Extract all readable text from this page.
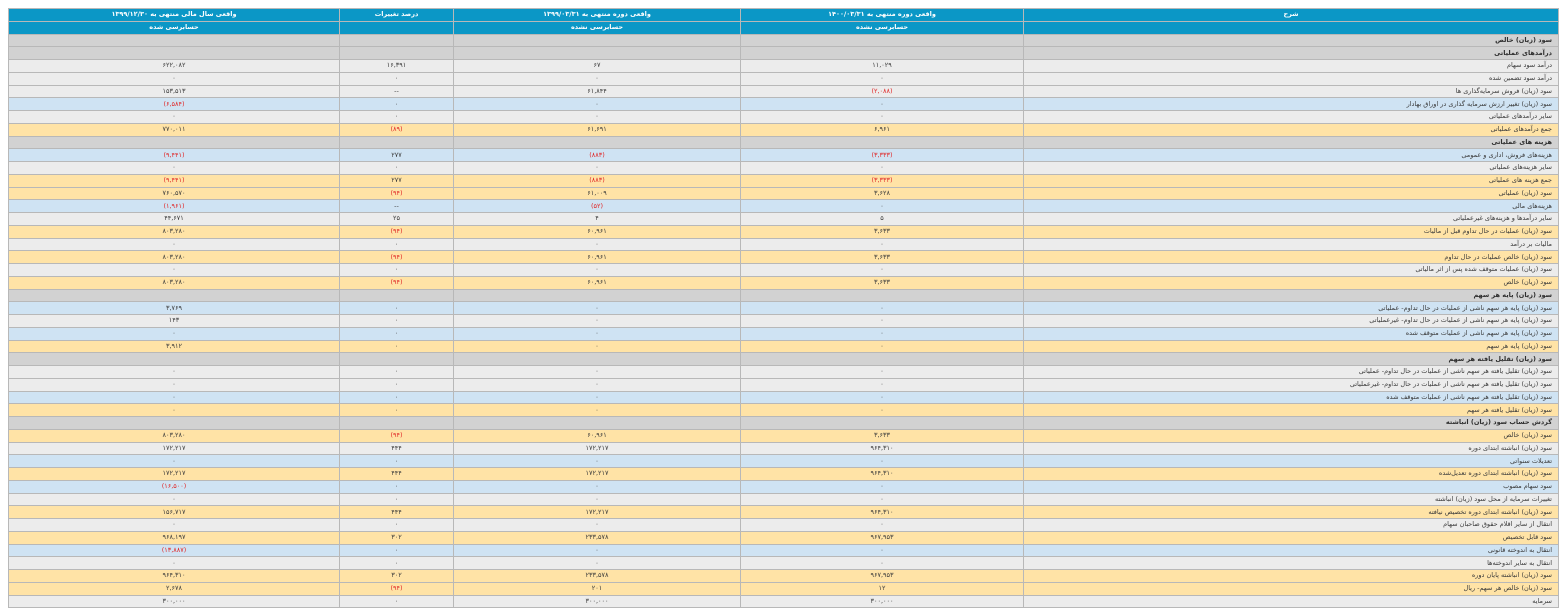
واقعی سال مالی منتهی به ۱۳۹۹/۱۲/۳۰	درصد تغییرات	واقعی دوره منتهی به ۱۳۹۹/۰۳/۳۱	واقعی دوره منتهی به ۱۴۰۰/۰۳/۳۱	شرح
حسابرسی شده		حسابرسی نشده	حسابرسی نشده	
				سود (زیان) خالص
				درآمدهای عملیاتی
۶۲۲,۰۸۲	۱۶,۳۹۱	۶۷	۱۱,۰۲۹	درآمد سود سهام
۰	۰	۰	۰	درآمد سود تضمین شده
۱۵۳,۵۱۳	--	۶۱,۸۴۴	(۲,۰۸۸)	سود (زیان) فروش سرمایه‌گذاری ها
(۶,۵۸۴)	۰	۰	۰	سود (زیان) تغییر ارزش سرمایه گذاری در اوراق بهادار
۰	۰	۰	۰	سایر درآمدهای عملیاتی
۷۷۰,۰۱۱	(۸۹)	۶۱,۶۹۱	۶,۹۶۱	جمع درآمدهای عملیاتی
				هزینه های عملیاتی
(۹,۴۴۱)	۲۷۷	(۸۸۳)	(۳,۳۳۳)	هزینه‌های فروش، اداری و عمومی
۰	۰	۰	۰	سایر هزینه‌های عملیاتی
(۹,۴۴۱)	۲۷۷	(۸۸۳)	(۳,۳۳۳)	جمع هزینه های عملیاتی
۷۶۰,۵۷۰	(۹۴)	۶۱,۰۰۹	۳,۶۲۸	سود (زیان) عملیاتی
(۱,۹۶۱)	--	(۵۲)	۰	هزینه‌های مالی
۴۴,۶۷۱	۲۵	۴	۵	سایر درآمدها و هزینه‌های غیرعملیاتی
۸۰۳,۲۸۰	(۹۴)	۶۰,۹۶۱	۳,۶۳۳	سود (زیان) عملیات در حال تداوم قبل از مالیات
۰	۰	۰	۰	مالیات بر درآمد
۸۰۳,۲۸۰	(۹۴)	۶۰,۹۶۱	۳,۶۳۳	سود (زیان) خالص عملیات در حال تداوم
۰	۰	۰	۰	سود (زیان) عملیات متوقف شده پس از اثر مالیاتی
۸۰۳,۲۸۰	(۹۴)	۶۰,۹۶۱	۳,۶۳۳	سود (زیان) خالص
				سود (زیان) پایه هر سهم
۳,۷۶۹	۰	۰	۰	سود (زیان) پایه هر سهم ناشی از عملیات در حال تداوم- عملیاتی
۱۴۳	۰	۰	۰	سود (زیان) پایه هر سهم ناشی از عملیات در حال تداوم- غیرعملیاتی
۰	۰	۰	۰	سود (زیان) پایه هر سهم ناشی از عملیات متوقف شده
۳,۹۱۲	۰	۰	۰	سود (زیان) پایه هر سهم
				سود (زیان) تقلیل یافته هر سهم
۰	۰	۰	۰	سود (زیان) تقلیل یافته هر سهم ناشی از عملیات در حال تداوم- عملیاتی
۰	۰	۰	۰	سود (زیان) تقلیل یافته هر سهم ناشی از عملیات در حال تداوم- غیرعملیاتی
۰	۰	۰	۰	سود (زیان) تقلیل یافته هر سهم ناشی از عملیات متوقف شده
۰	۰	۰	۰	سود (زیان) تقلیل یافته هر سهم
				گردش حساب سود (زیان) انباشته
۸۰۳,۲۸۰	(۹۴)	۶۰,۹۶۱	۳,۶۳۳	سود (زیان) خالص
۱۷۲,۲۱۷	۴۴۴	۱۷۲,۲۱۷	۹۶۴,۳۱۰	سود (زیان) انباشته ابتدای دوره
۰	۰	۰	۰	تعدیلات سنواتی
۱۷۲,۲۱۷	۴۴۴	۱۷۲,۲۱۷	۹۶۴,۳۱۰	سود (زیان) انباشته ابتدای دوره تعدیل‌شده
(۱۶,۵۰۰)	۰	۰	۰	سود سهام مصوب
۰	۰	۰	۰	تغییرات سرمایه از محل سود (زیان) انباشته
۱۵۶,۷۱۷	۴۴۴	۱۷۲,۲۱۷	۹۶۴,۳۱۰	سود (زیان) انباشته ابتدای دوره تخصیص نیافته
۰	۰	۰	۰	انتقال از سایر اقلام حقوق صاحبان سهام
۹۶۸,۱۹۷	۳۰۲	۲۳۳,۵۷۸	۹۶۷,۹۵۳	سود قابل تخصیص
(۱۳,۸۸۷)	۰	۰	۰	انتقال به اندوخته قانونی
۰	۰	۰	۰	انتقال به سایر اندوخته‌ها
۹۶۴,۳۱۰	۳۰۲	۲۳۳,۵۷۸	۹۶۷,۹۵۳	سود (زیان) انباشته پایان دوره
۲,۶۷۸	(۹۴)	۲۰۱	۱۲	سود (زیان) خالص هر سهم- ریال
۳۰۰,۰۰۰	۰	۳۰۰,۰۰۰	۳۰۰,۰۰۰	سرمایه
